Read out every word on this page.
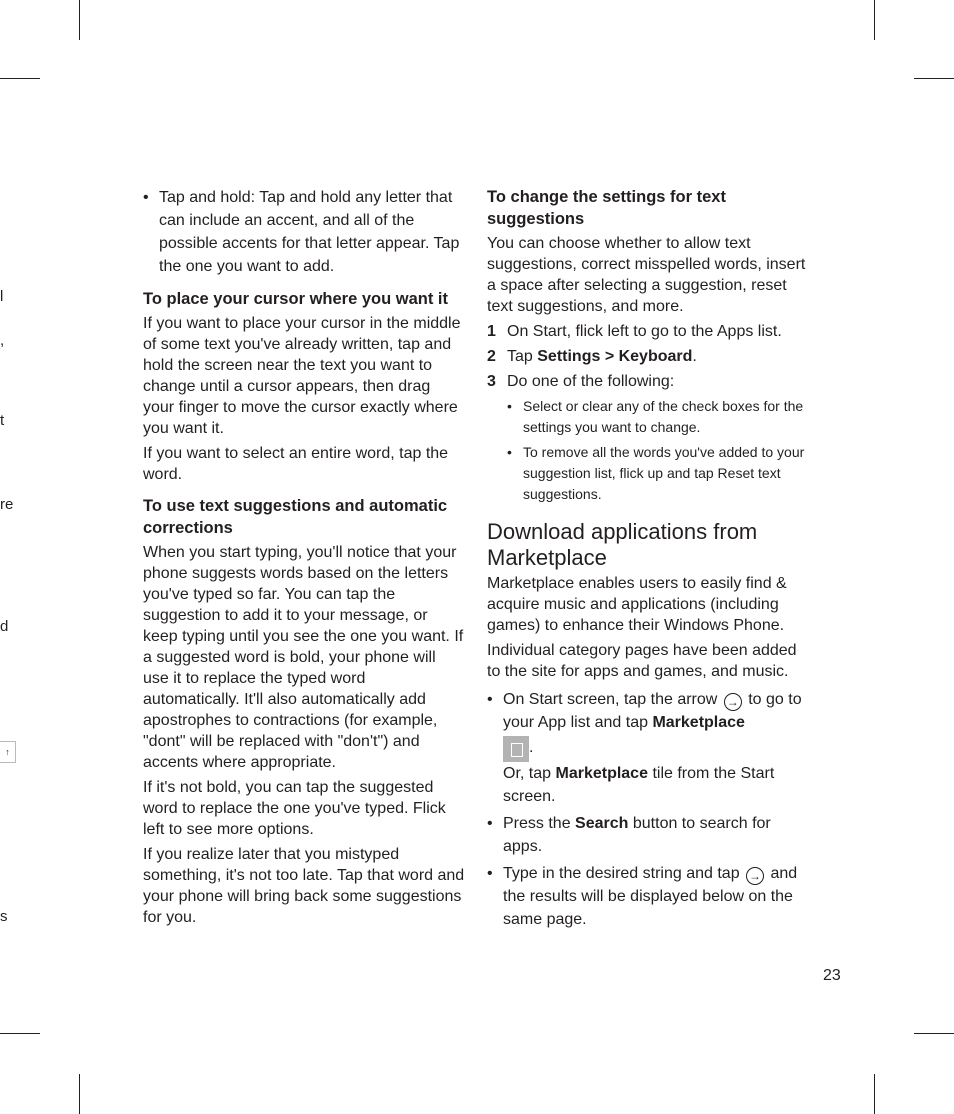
l
,
t
re
d
↑
s
• Tap and hold: Tap and hold any letter that can include an accent, and all of the possible accents for that letter appear. Tap the one you want to add.
To place your cursor where you want it

If you want to place your cursor in the middle of some text you've already written, tap and hold the screen near the text you want to change until a cursor appears, then drag your finger to move the cursor exactly where you want it.

If you want to select an entire word, tap the word.

To use text suggestions and automatic corrections

When you start typing, you'll notice that your phone suggests words based on the letters you've typed so far. You can tap the suggestion to add it to your message, or keep typing until you see the one you want. If a suggested word is bold, your phone will use it to replace the typed word automatically. It'll also automatically add apostrophes to contractions (for example, "dont" will be replaced with "don't") and accents where appropriate.

If it's not bold, you can tap the suggested word to replace the one you've typed. Flick left to see more options.

If you realize later that you mistyped something, it's not too late. Tap that word and your phone will bring back some suggestions for you.

To change the settings for text suggestions

You can choose whether to allow text suggestions, correct misspelled words, insert a space after selecting a suggestion, reset text suggestions, and more.

1 On Start, flick left to go to the Apps list.
2 Tap Settings > Keyboard.
3 Do one of the following:
• Select or clear any of the check boxes for the settings you want to change.
• To remove all the words you've added to your suggestion list, flick up and tap Reset text suggestions.
Download applications from Marketplace

Marketplace enables users to easily find & acquire music and applications (including games) to enhance their Windows Phone.

Individual category pages have been added to the site for apps and games, and music.

• On Start screen, tap the arrow → to go to your App list and tap Marketplace

.
Or, tap Marketplace tile from the Start screen.
• Press the Search button to search for apps.
• Type in the desired string and tap → and the results will be displayed below on the same page.
23
